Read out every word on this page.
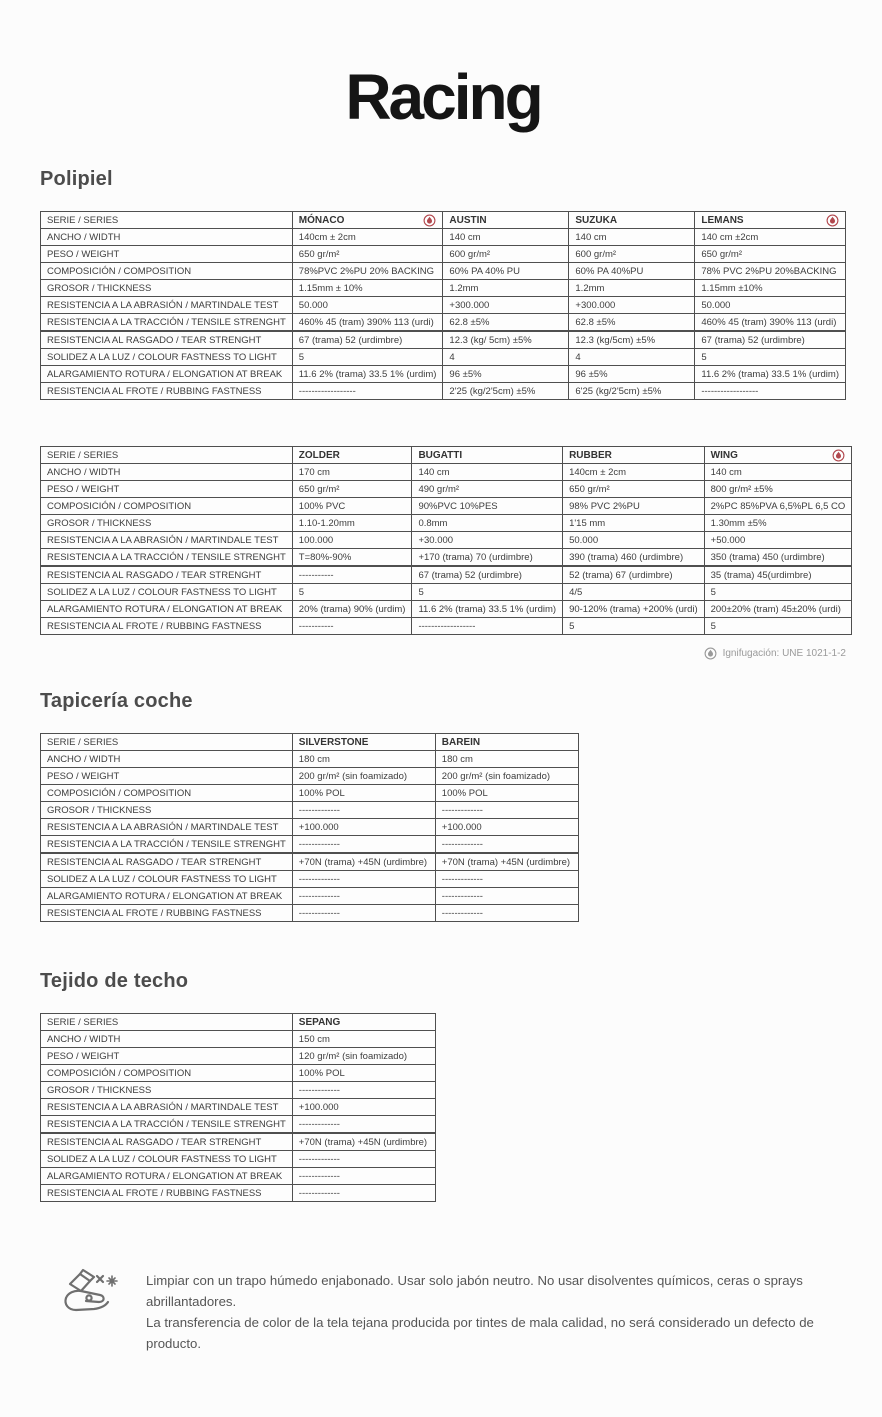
Racing
Polipiel
SERIE / SERIES	MÓNACO	AUSTIN	SUZUKA	LEMANS

ANCHO / WIDTH	140cm ± 2cm	140 cm	140 cm	140 cm ±2cm
PESO / WEIGHT	650 gr/m²	600 gr/m²	600 gr/m²	650 gr/m²
COMPOSICIÓN / COMPOSITION	78%PVC 2%PU 20% BACKING	60% PA 40% PU	60% PA 40%PU	78% PVC 2%PU 20%BACKING
GROSOR / THICKNESS	1.15mm ± 10%	1.2mm	1.2mm	1.15mm ±10%
RESISTENCIA A LA ABRASIÓN / MARTINDALE TEST	50.000	+300.000	+300.000	50.000
RESISTENCIA A LA TRACCIÓN / TENSILE STRENGHT	460% 45 (tram) 390% 113 (urdi)	62.8 ±5%	62.8 ±5%	460% 45 (tram) 390% 113 (urdi)
RESISTENCIA AL RASGADO / TEAR STRENGHT	67 (trama) 52 (urdimbre)	12.3 (kg/ 5cm) ±5%	12.3 (kg/5cm) ±5%	67 (trama) 52 (urdimbre)
SOLIDEZ A LA LUZ / COLOUR FASTNESS TO LIGHT	5	4	4	5
ALARGAMIENTO ROTURA / ELONGATION AT BREAK	11.6 2% (trama) 33.5 1% (urdim)	96 ±5%	96 ±5%	11.6 2% (trama) 33.5 1% (urdim)
RESISTENCIA AL FROTE / RUBBING FASTNESS	------------------	2'25 (kg/2'5cm) ±5%	6'25 (kg/2'5cm) ±5%	------------------
SERIE / SERIES	ZOLDER	BUGATTI	RUBBER	WING

ANCHO / WIDTH	170 cm	140 cm	140cm ± 2cm	140 cm
PESO / WEIGHT	650 gr/m²	490 gr/m²	650 gr/m²	800 gr/m² ±5%
COMPOSICIÓN / COMPOSITION	100% PVC	90%PVC 10%PES	98% PVC 2%PU	2%PC 85%PVA 6,5%PL 6,5 CO
GROSOR / THICKNESS	1.10-1.20mm	0.8mm	1'15 mm	1.30mm ±5%
RESISTENCIA A LA ABRASIÓN / MARTINDALE TEST	100.000	+30.000	50.000	+50.000
RESISTENCIA A LA TRACCIÓN / TENSILE STRENGHT	T=80%-90%	+170 (trama) 70 (urdimbre)	390 (trama) 460 (urdimbre)	350 (trama) 450 (urdimbre)
RESISTENCIA AL RASGADO / TEAR STRENGHT	-----------	67 (trama) 52 (urdimbre)	52 (trama) 67 (urdimbre)	35 (trama) 45(urdimbre)
SOLIDEZ A LA LUZ / COLOUR FASTNESS TO LIGHT	5	5	4/5	5
ALARGAMIENTO ROTURA / ELONGATION AT BREAK	20% (trama) 90% (urdim)	11.6 2% (trama) 33.5 1% (urdim)	90-120% (trama) +200% (urdi)	200±20% (tram) 45±20% (urdi)
RESISTENCIA AL FROTE / RUBBING FASTNESS	-----------	------------------	5	5
Ignifugación: UNE 1021-1-2
Tapicería coche
SERIE / SERIES	SILVERSTONE	BAREIN

ANCHO / WIDTH	180 cm	180 cm
PESO / WEIGHT	200 gr/m² (sin foamizado)	200 gr/m² (sin foamizado)
COMPOSICIÓN / COMPOSITION	100% POL	100% POL
GROSOR / THICKNESS	-------------	-------------
RESISTENCIA A LA ABRASIÓN / MARTINDALE TEST	+100.000	+100.000
RESISTENCIA A LA TRACCIÓN / TENSILE STRENGHT	-------------	-------------
RESISTENCIA AL RASGADO / TEAR STRENGHT	+70N (trama) +45N (urdimbre)	+70N (trama) +45N (urdimbre)
SOLIDEZ A LA LUZ / COLOUR FASTNESS TO LIGHT	-------------	-------------
ALARGAMIENTO ROTURA / ELONGATION AT BREAK	-------------	-------------
RESISTENCIA AL FROTE / RUBBING FASTNESS	-------------	-------------
Tejido de techo
SERIE / SERIES	SEPANG

ANCHO / WIDTH	150 cm
PESO / WEIGHT	120 gr/m² (sin foamizado)
COMPOSICIÓN / COMPOSITION	100% POL
GROSOR / THICKNESS	-------------
RESISTENCIA A LA ABRASIÓN / MARTINDALE TEST	+100.000
RESISTENCIA A LA TRACCIÓN / TENSILE STRENGHT	-------------
RESISTENCIA AL RASGADO / TEAR STRENGHT	+70N (trama) +45N (urdimbre)
SOLIDEZ A LA LUZ / COLOUR FASTNESS TO LIGHT	-------------
ALARGAMIENTO ROTURA / ELONGATION AT BREAK	-------------
RESISTENCIA AL FROTE / RUBBING FASTNESS	-------------
Limpiar con un trapo húmedo enjabonado. Usar solo jabón neutro. No usar disolventes químicos, ceras o sprays abrillantadores.
La transferencia de color de la tela tejana producida por tintes de mala calidad, no será considerado un defecto de producto.
